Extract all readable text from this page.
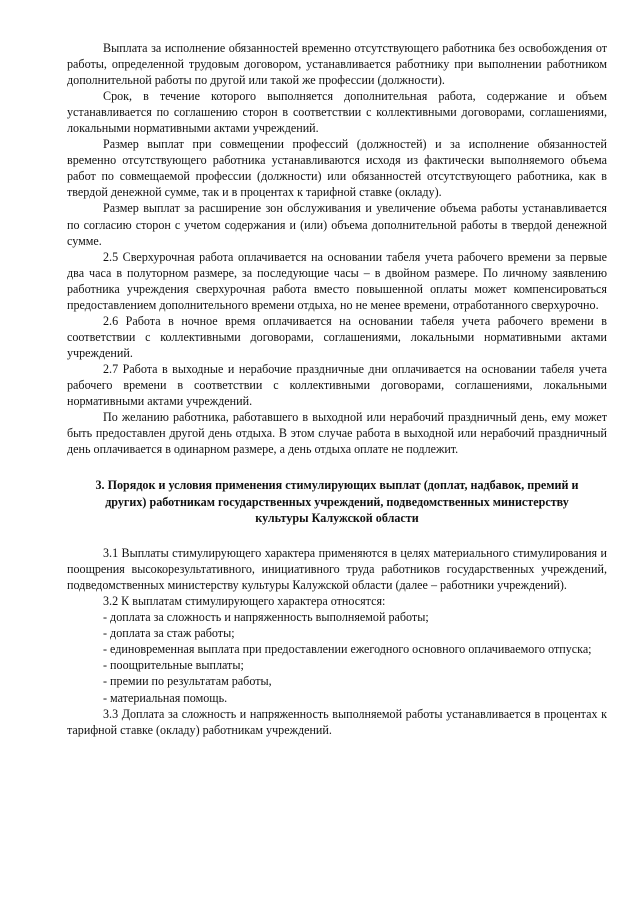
Выплата за исполнение обязанностей временно отсутствующего работника без освобождения от работы, определенной трудовым договором, устанавливается работнику при выполнении работником дополнительной работы по другой или такой же профессии (должности).

Срок, в течение которого выполняется дополнительная работа, содержание и объем устанавливается по соглашению сторон в соответствии с коллективными договорами, соглашениями, локальными нормативными актами учреждений.

Размер выплат при совмещении профессий (должностей) и за исполнение обязанностей временно отсутствующего работника устанавливаются исходя из фактически выполняемого объема работ по совмещаемой профессии (должности) или обязанностей отсутствующего работника, как в твердой денежной сумме, так и в процентах к тарифной ставке (окладу).

Размер выплат за расширение зон обслуживания и увеличение объема работы устанавливается по согласию сторон с учетом содержания и (или) объема дополнительной работы в твердой денежной сумме.

2.5 Сверхурочная работа оплачивается на основании табеля учета рабочего времени за первые два часа в полуторном размере, за последующие часы – в двойном размере. По личному заявлению работника учреждения сверхурочная работа вместо повышенной оплаты может компенсироваться предоставлением дополнительного времени отдыха, но не менее времени, отработанного сверхурочно.

2.6 Работа в ночное время оплачивается на основании табеля учета рабочего времени в соответствии с коллективными договорами, соглашениями, локальными нормативными актами учреждений.

2.7 Работа в выходные и нерабочие праздничные дни оплачивается на основании табеля учета рабочего времени в соответствии с коллективными договорами, соглашениями, локальными нормативными актами учреждений.

По желанию работника, работавшего в выходной или нерабочий праздничный день, ему может быть предоставлен другой день отдыха. В этом случае работа в выходной или нерабочий праздничный день оплачивается в одинарном размере, а день отдыха оплате не подлежит.

3. Порядок и условия применения стимулирующих выплат (доплат, надбавок, премий и других) работникам государственных учреждений, подведомственных министерству культуры Калужской области

3.1 Выплаты стимулирующего характера применяются в целях материального стимулирования и поощрения высокорезультативного, инициативного труда работников государственных учреждений, подведомственных министерству культуры Калужской области (далее – работники учреждений).

3.2 К выплатам стимулирующего характера относятся:

- доплата за сложность и напряженность выполняемой работы;

- доплата за стаж работы;

- единовременная выплата при предоставлении ежегодного основного оплачиваемого отпуска;

- поощрительные выплаты;

- премии по результатам работы,

- материальная помощь.

3.3 Доплата за сложность и напряженность выполняемой работы устанавливается в процентах к тарифной ставке (окладу) работникам учреждений.
